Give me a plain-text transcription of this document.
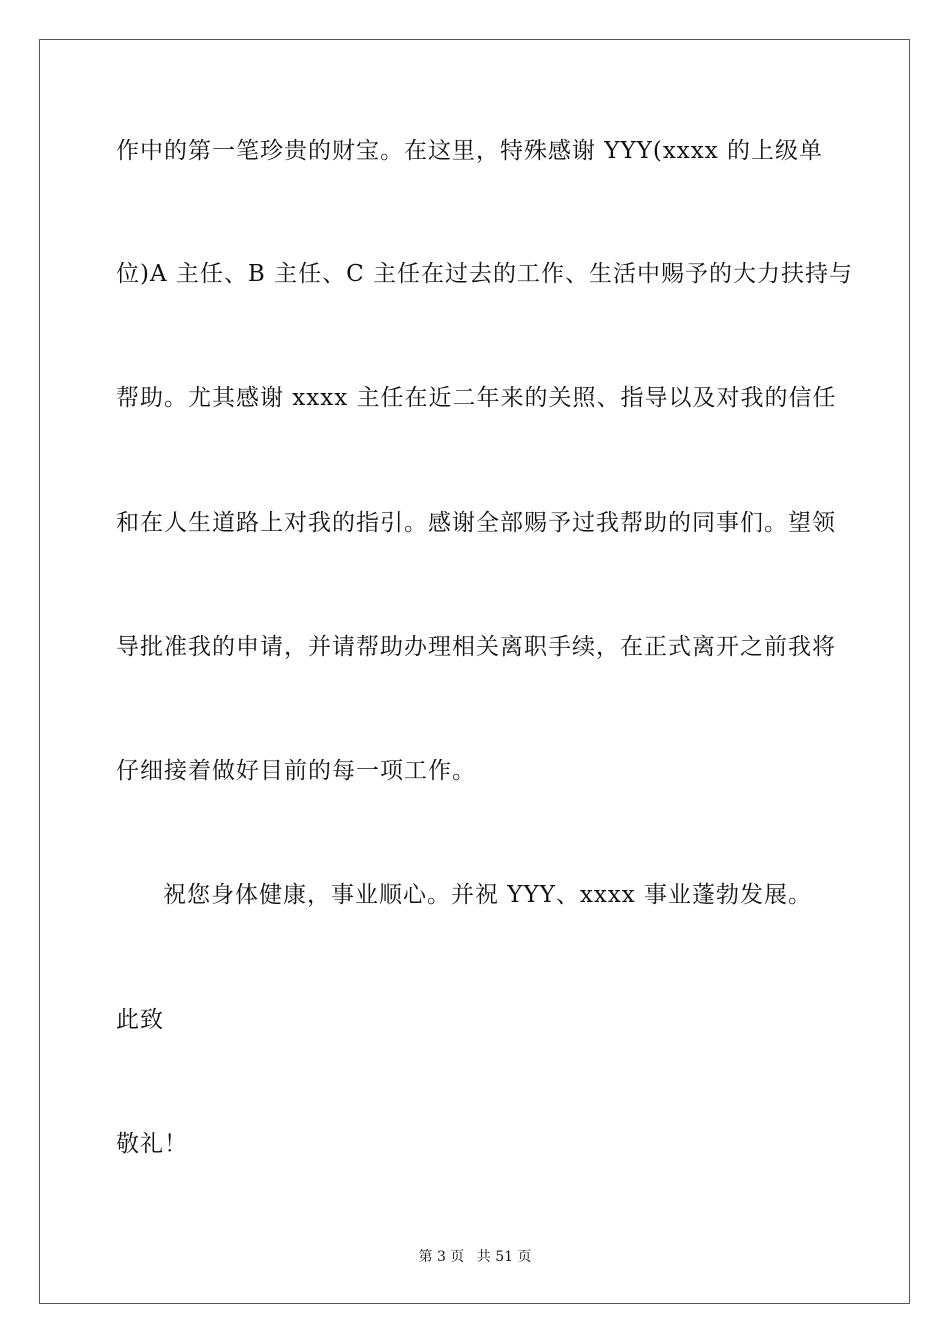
作中的第一笔珍贵的财宝。在这里，特殊感谢 YYY(xxxx 的上级单

位)A 主任、B 主任、C 主任在过去的工作、生活中赐予的大力扶持与

帮助。尤其感谢 xxxx 主任在近二年来的关照、指导以及对我的信任

和在人生道路上对我的指引。感谢全部赐予过我帮助的同事们。望领

导批准我的申请，并请帮助办理相关离职手续，在正式离开之前我将

仔细接着做好目前的每一项工作。

祝您身体健康，事业顺心。并祝 YYY、xxxx 事业蓬勃发展。

此致

敬礼！

第 3 页 共 51 页
